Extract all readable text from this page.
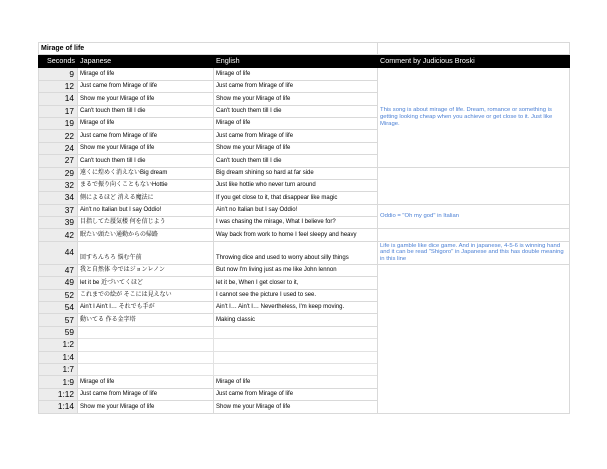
Mirage of life			
Seconds	Japanese	English	Comment by Judicious Broski
9	Mirage of life	Mirage of life	This song is about mirage of life. Dream, romance or something is getting looking cheap when you achieve or get close to it. Just like Mirage.
12	Just came from Mirage of life	Just came from Mirage of life	
14	Show me your Mirage of life	Show me your Mirage of life	
17	Can't touch them till I die	Can't touch them till I die	
19	Mirage of life	Mirage of life	
22	Just came from Mirage of life	Just came from Mirage of life	
24	Show me your Mirage of life	Show me your Mirage of life	
27	Can't touch them till I die	Can't touch them till I die	
29	遠くに煌めく消えないBig dream	Big dream shining so hard at far side	
32	まるで振り向くこともないHottie	Just like hottie who never turn around	
34	側によるほど 消える魔法に	If you get close to it, that disappear like magic	
37	Ain't no Italian but I say Oddio!	Ain't no Italian but I say Oddio!	Oddio = "Oh my god" in Italian
39	目指してた蜃気楼 何を信じよう	I was chasing the mirage, What I believe for?	
42	眠たい頭たい通勤からの帰路	Way back from work to home I feel sleepy and heavy	
44	回すちんちろ 悩む午前	Throwing dice and used to worry about silly things	Life is gamble like dice game. And in japanese, 4-5-6 is winning hand and it can be read "Shigoro" in Japanese and this has double meaning in this line
47	我と自然体 今ではジョンレノン	But now I'm living just as me like John lennon	
49	let it be 近づいてくほど	let it be, When I get closer to it,	
52	これまでの絵が そこには見えない	I cannot see the picture I used to see.	
54	Ain't I Ain't I… それでも手が	Ain't I… Ain't I… Nevertheless, I'm keep moving.	
57	動いてる 作る金字塔	Making classic	
59			
1:2			
1:4			
1:7			
1:9	Mirage of life	Mirage of life	
1:12	Just came from Mirage of life	Just came from Mirage of life	
1:14	Show me your Mirage of life	Show me your Mirage of life	
